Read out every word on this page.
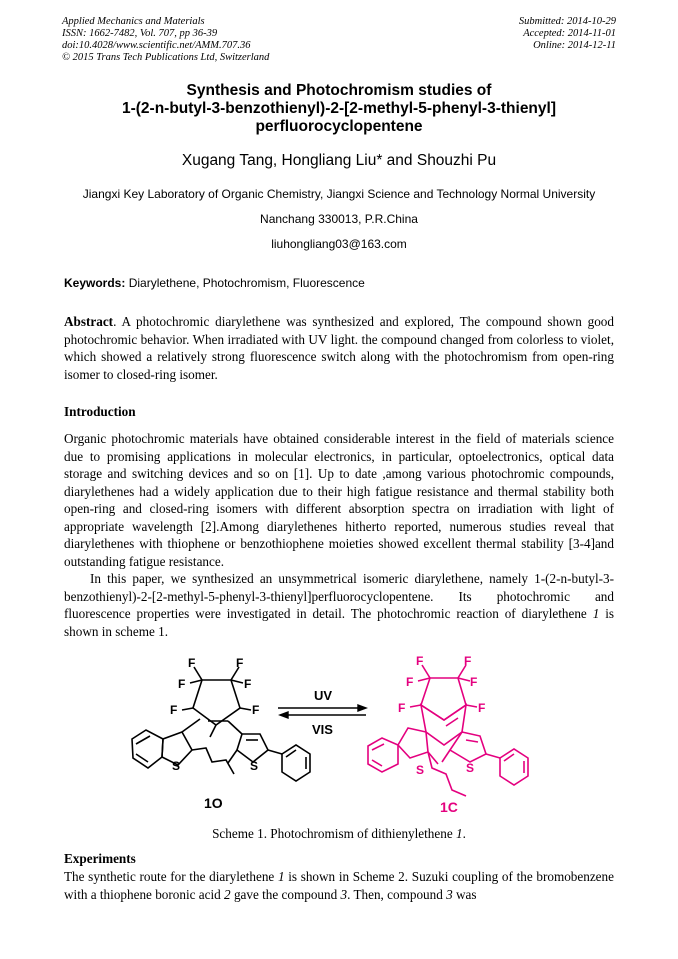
Applied Mechanics and Materials
ISSN: 1662-7482, Vol. 707, pp 36-39
doi:10.4028/www.scientific.net/AMM.707.36
© 2015 Trans Tech Publications Ltd, Switzerland
Submitted: 2014-10-29
Accepted: 2014-11-01
Online: 2014-12-11
Synthesis and Photochromism studies of
1-(2-n-butyl-3-benzothienyl)-2-[2-methyl-5-phenyl-3-thienyl]
perfluorocyclopentene
Xugang Tang, Hongliang Liu* and Shouzhi Pu
Jiangxi Key Laboratory of Organic Chemistry, Jiangxi Science and Technology Normal University
Nanchang 330013, P.R.China
liuhongliang03@163.com
Keywords: Diarylethene, Photochromism, Fluorescence
Abstract. A photochromic diarylethene was synthesized and explored, The compound shown good photochromic behavior. When irradiated with UV light. the compound changed from colorless to violet, which showed a relatively strong fluorescence switch along with the photochromism from open-ring isomer to closed-ring isomer.
Introduction
Organic photochromic materials have obtained considerable interest in the field of materials science due to promising applications in molecular electronics, in particular, optoelectronics, optical data storage and switching devices and so on [1]. Up to date ,among various photochromic compounds, diarylethenes had a widely application due to their high fatigue resistance and thermal stability both open-ring and closed-ring isomers with different absorption spectra on irradiation with light of appropriate wavelength [2].Among diarylethenes hitherto reported, numerous studies reveal that diarylethenes with thiophene or benzothiophene moieties showed excellent thermal stability [3-4]and outstanding fatigue resistance.
In this paper, we synthesized an unsymmetrical isomeric diarylethene, namely 1-(2-n-butyl-3-benzothienyl)-2-[2-methyl-5-phenyl-3-thienyl]perfluorocyclopentene. Its photochromic and fluorescence properties were investigated in detail. The photochromic reaction of diarylethene 1 is shown in scheme 1.
F	F
F	F
F	F
S	S
1O
UV
VIS
F	F
F	F
F	F
S	S
1C
Scheme 1. Photochromism of dithienylethene 1.
Experiments
The synthetic route for the diarylethene 1 is shown in Scheme 2. Suzuki coupling of the bromobenzene with a thiophene boronic acid 2 gave the compound 3. Then, compound 3 was
